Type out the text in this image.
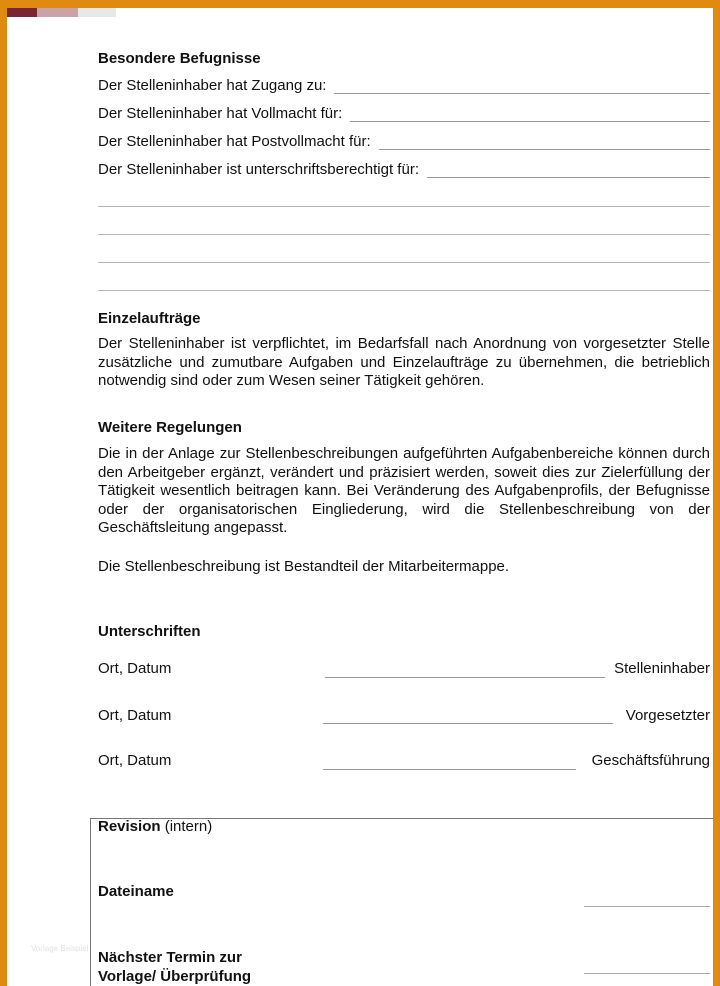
Besondere Befugnisse
Der Stelleninhaber hat Zugang zu:
Der Stelleninhaber hat Vollmacht für:
Der Stelleninhaber hat Postvollmacht für:
Der Stelleninhaber ist unterschriftsberechtigt für:
Einzelaufträge
Der Stelleninhaber ist verpflichtet, im Bedarfsfall nach Anordnung von vorgesetzter Stelle zusätzliche und zumutbare Aufgaben und Einzelaufträge zu übernehmen, die betrieblich notwendig sind oder zum Wesen seiner Tätigkeit gehören.
Weitere Regelungen
Die in der Anlage zur Stellenbeschreibungen aufgeführten Aufgabenbereiche können durch den Arbeitgeber ergänzt, verändert und präzisiert werden, soweit dies zur Zielerfüllung der Tätigkeit wesentlich beitragen kann. Bei Veränderung des Aufgabenprofils, der Befugnisse oder der organisatorischen Eingliederung, wird die Stellenbeschreibung von der Geschäftsleitung angepasst.
Die Stellenbeschreibung ist Bestandteil der Mitarbeitermappe.
Unterschriften
Ort, Datum	Stelleninhaber
Ort, Datum	Vorgesetzter
Ort, Datum	Geschäftsführung
Revision (intern)
Dateiname
Nächster Termin zur
Vorlage/ Überprüfung
Vorlage Beispiel
